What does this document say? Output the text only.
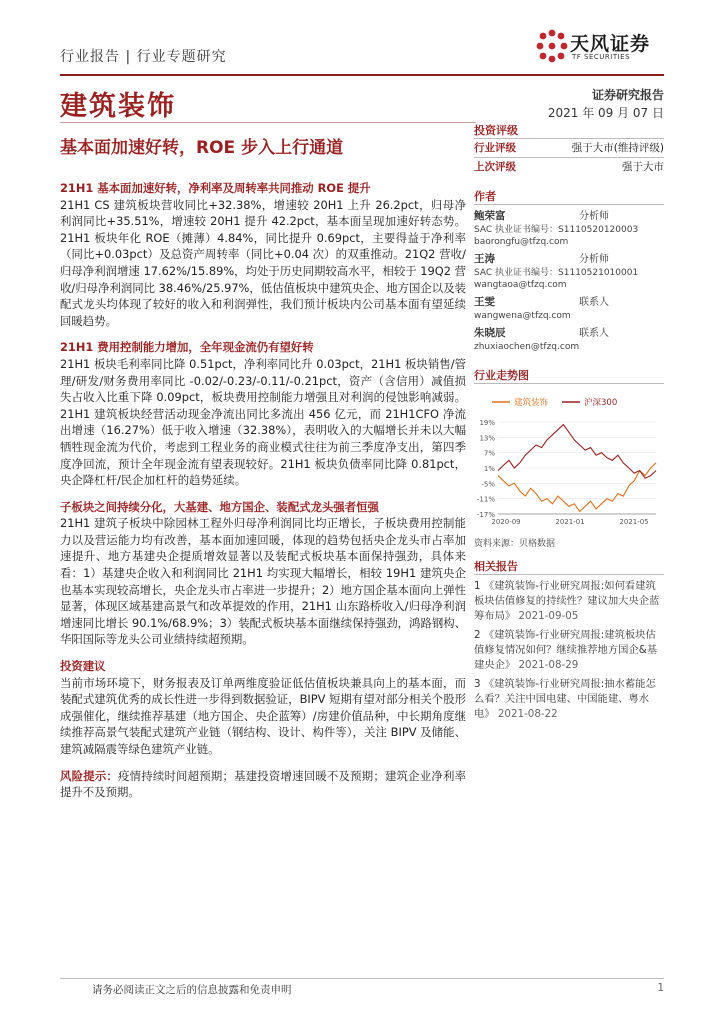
行业报告 | 行业专题研究
天风证券
TF SECURITIES
建筑装饰	证券研究报告
2021 年 09 月 07 日
基本面加速好转，ROE 步入上行通道
21H1 基本面加速好转，净利率及周转率共同推动 ROE 提升
21H1 CS 建筑板块营收同比+32.38%，增速较 20H1 上升 26.2pct，归母净利润同比+35.51%，增速较 20H1 提升 42.2pct，基本面呈现加速好转态势。21H1 板块年化 ROE（摊薄）4.84%，同比提升 0.69pct，主要得益于净利率（同比+0.03pct）及总资产周转率（同比+0.04 次）的双重推动。21Q2 营收/归母净利润增速 17.62%/15.89%，均处于历史同期较高水平，相较于 19Q2 营收/归母净利润同比 38.46%/25.97%，低估值板块中建筑央企、地方国企以及装配式龙头均体现了较好的收入和利润弹性，我们预计板块内公司基本面有望延续回暖趋势。
21H1 费用控制能力增加，全年现金流仍有望好转
21H1 板块毛利率同比降 0.51pct，净利率同比升 0.03pct，21H1 板块销售/管理/研发/财务费用率同比 -0.02/-0.23/-0.11/-0.21pct，资产（含信用）减值损失占收入比重下降 0.09pct，板块费用控制能力增强且对利润的侵蚀影响减弱。21H1 建筑板块经营活动现金净流出同比多流出 456 亿元，而 21H1CFO 净流出增速（16.27%）低于收入增速（32.38%），表明收入的大幅增长并未以大幅牺牲现金流为代价，考虑到工程业务的商业模式往往为前三季度净支出，第四季度净回流，预计全年现金流有望表现较好。21H1 板块负债率同比降 0.81pct，央企降杠杆/民企加杠杆的趋势延续。
子板块之间持续分化，大基建、地方国企、装配式龙头强者恒强
21H1 建筑子板块中除园林工程外归母净利润同比均正增长，子板块费用控制能力以及营运能力均有改善，基本面加速回暖，体现的趋势包括央企龙头市占率加速提升、地方基建央企提质增效显著以及装配式板块基本面保持强劲，具体来看：1）基建央企收入和利润同比 21H1 均实现大幅增长，相较 19H1 建筑央企也基本实现较高增长，央企龙头市占率进一步提升；2）地方国企基本面向上弹性显著，体现区域基建高景气和改革提效的作用，21H1 山东路桥收入/归母净利润增速同比增长 90.1%/68.9%；3）装配式板块基本面继续保持强劲，鸿路钢构、华阳国际等龙头公司业绩持续超预期。
投资建议
当前市场环境下，财务报表及订单两维度验证低估值板块兼具向上的基本面，而装配式建筑优秀的成长性进一步得到数据验证，BIPV 短期有望对部分相关个股形成强催化，继续推荐基建（地方国企、央企蓝筹）/房建价值品种，中长期角度继续推荐高景气装配式建筑产业链（钢结构、设计、构件等），关注 BIPV 及储能、建筑减隔震等绿色建筑产业链。
风险提示：疫情持续时间超预期；基建投资增速回暖不及预期；建筑企业净利率提升不及预期。
投资评级
行业评级	强于大市(维持评级)
上次评级	强于大市
作者
鲍荣富	分析师
SAC 执业证书编号：S1110520120003
baorongfu@tfzq.com
王涛	分析师
SAC 执业证书编号：S1110521010001
wangtaoa@tfzq.com
王雯	联系人
wangwena@tfzq.com
朱晓辰	联系人
zhuxiaochen@tfzq.com
行业走势图
建筑装饰	沪深300
19%
13%
7%
1%
-5%
-11%
-17%
2020-09	2021-01	2021-05
资料来源：贝格数据
相关报告
1 《建筑装饰-行业研究周报:如何看建筑板块估值修复的持续性？建议加大央企蓝筹布局》 2021-09-05
2 《建筑装饰-行业研究周报:建筑板块估值修复情况如何？继续推荐地方国企&基建央企》 2021-08-29
3 《建筑装饰-行业研究周报:抽水蓄能怎么看？关注中国电建、中国能建、粤水电》 2021-08-22
请务必阅读正文之后的信息披露和免责申明	1
